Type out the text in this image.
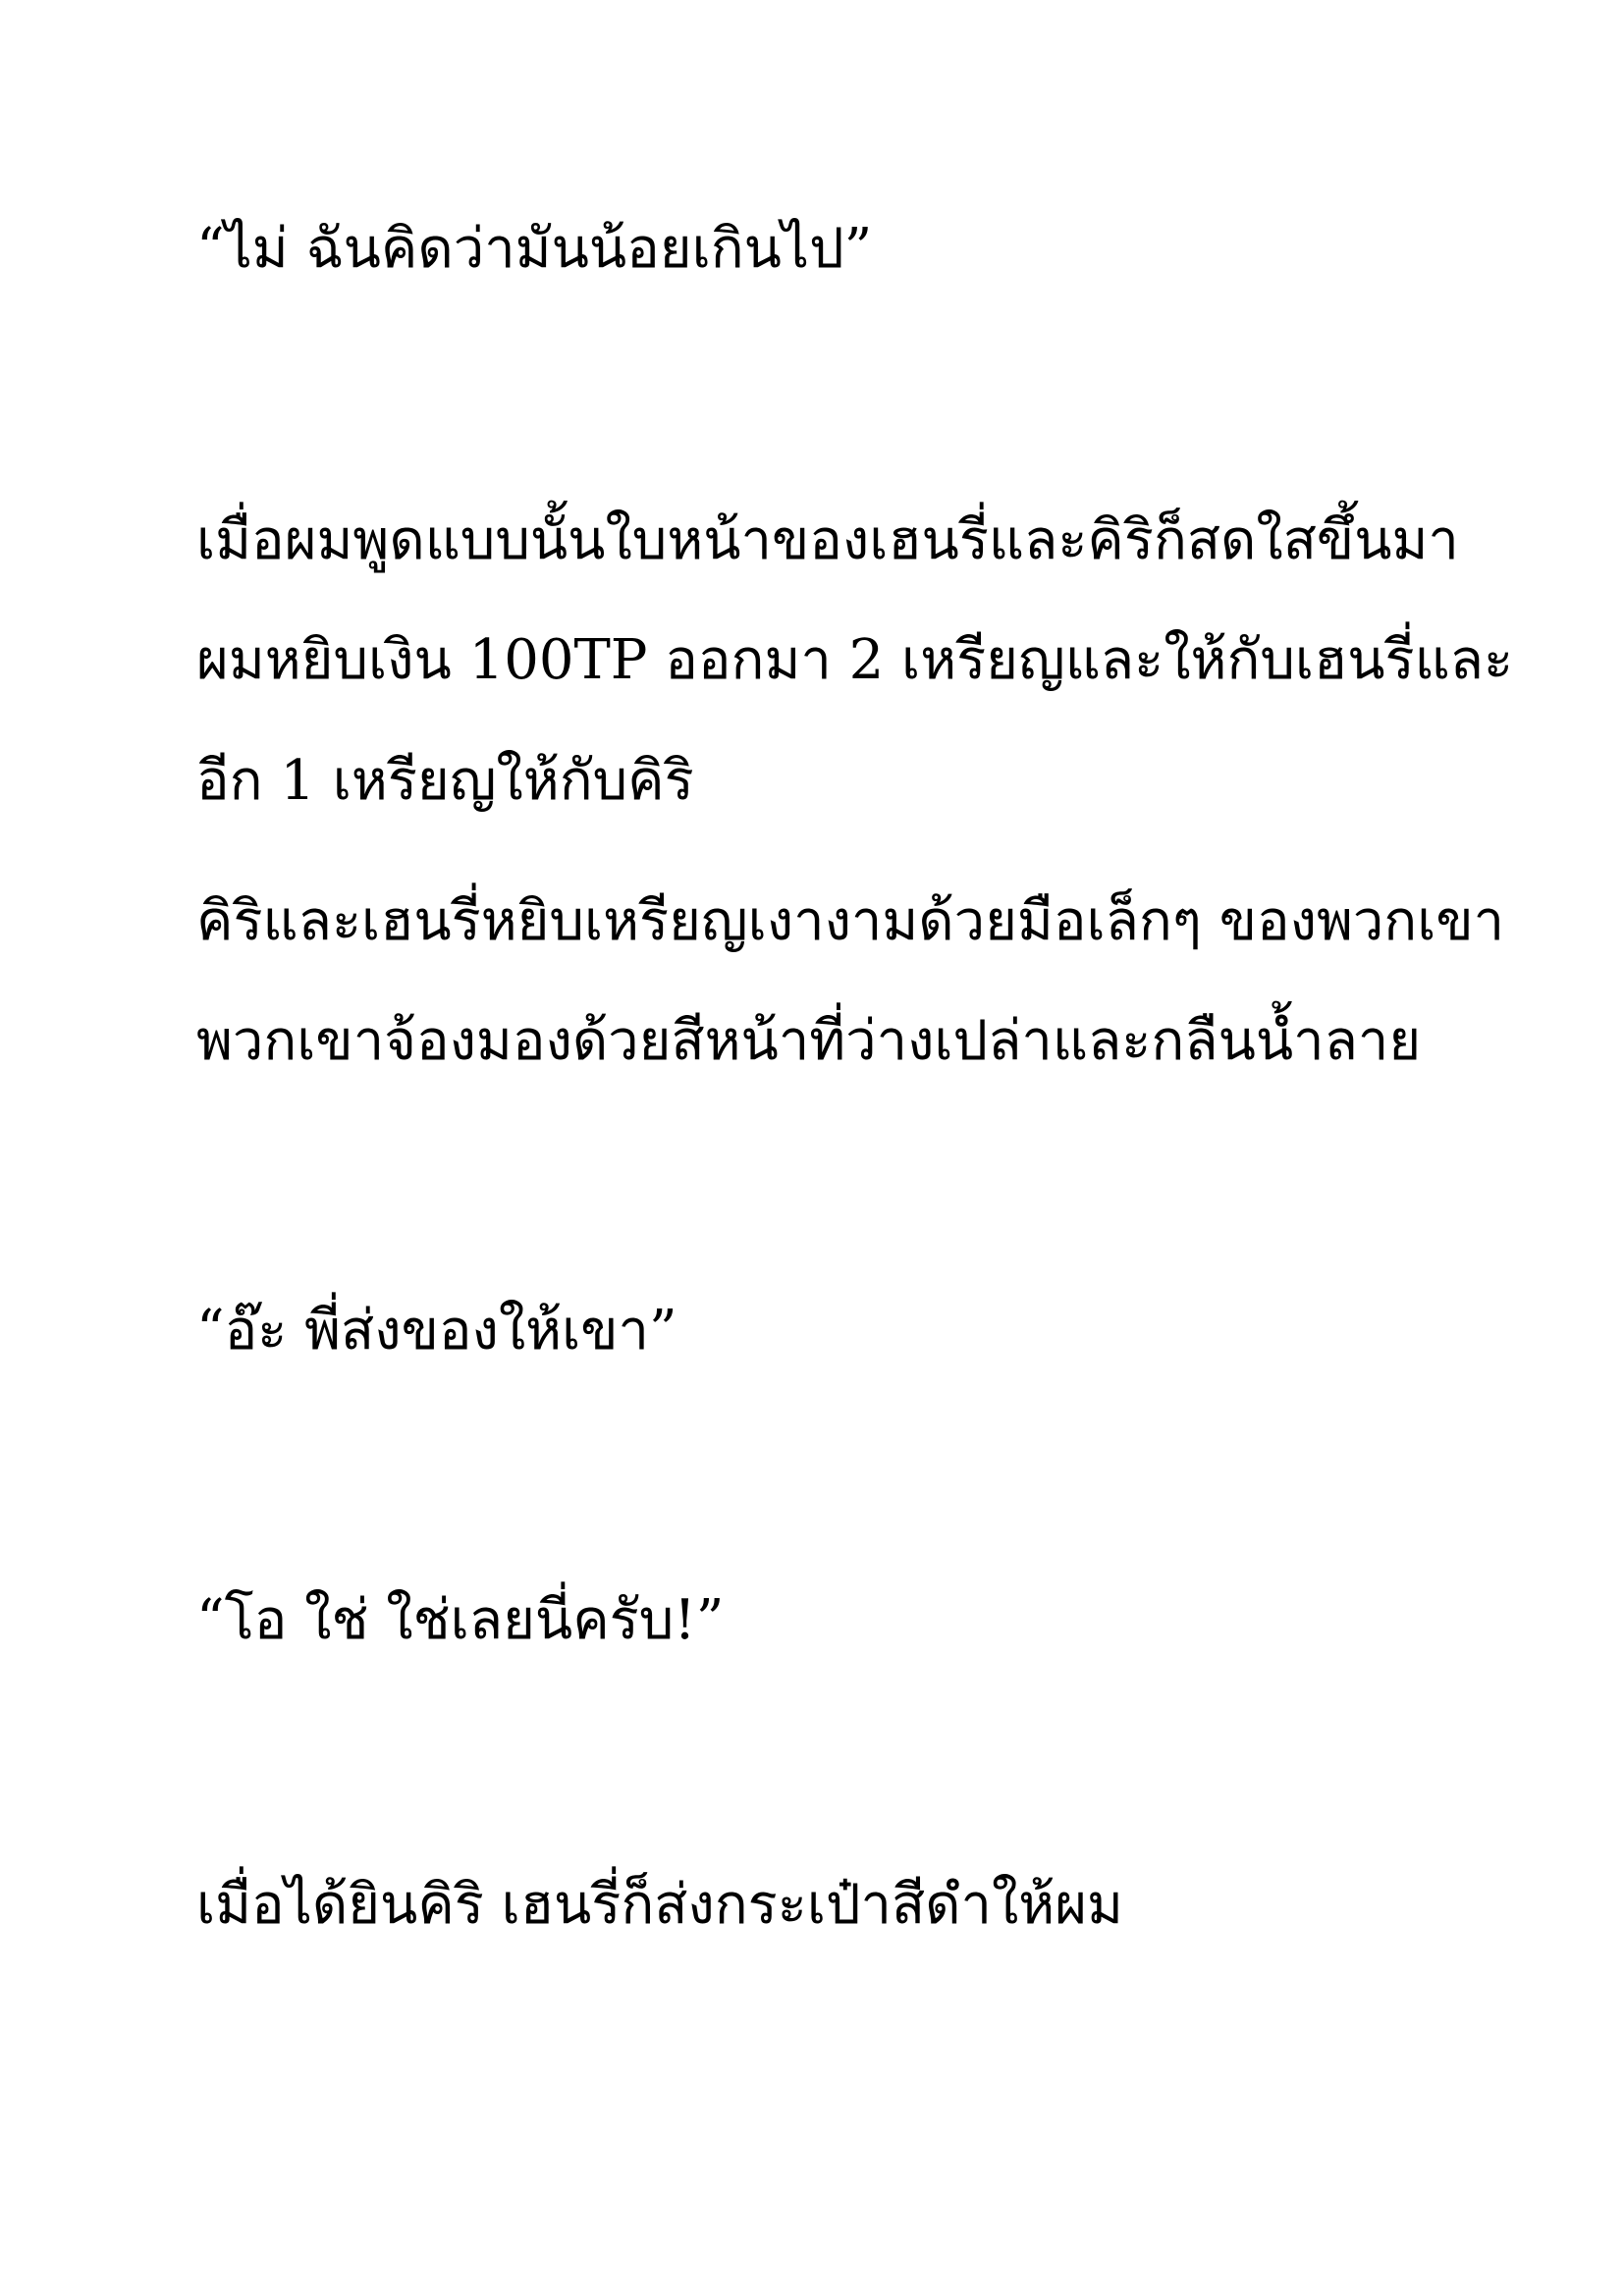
“ไม่ ฉันคิดว่ามันน้อยเกินไป”
เมื่อผมพูดแบบนั้นใบหน้าของเฮนรี่และคิริก็สดใสขึ้นมา
ผมหยิบเงิน 100TP ออกมา 2 เหรียญและให้กับเฮนรี่และ
อีก 1 เหรียญให้กับคิริ
คิริและเฮนรี่หยิบเหรียญเงางามด้วยมือเล็กๆ ของพวกเขา
พวกเขาจ้องมองด้วยสีหน้าที่ว่างเปล่าและกลืนน้ำลาย
“อ๊ะ พี่ส่งของให้เขา”
“โอ ใช่ ใช่เลยนี่ครับ!”
เมื่อได้ยินคิริ เฮนรี่ก็ส่งกระเป๋าสีดำให้ผม
